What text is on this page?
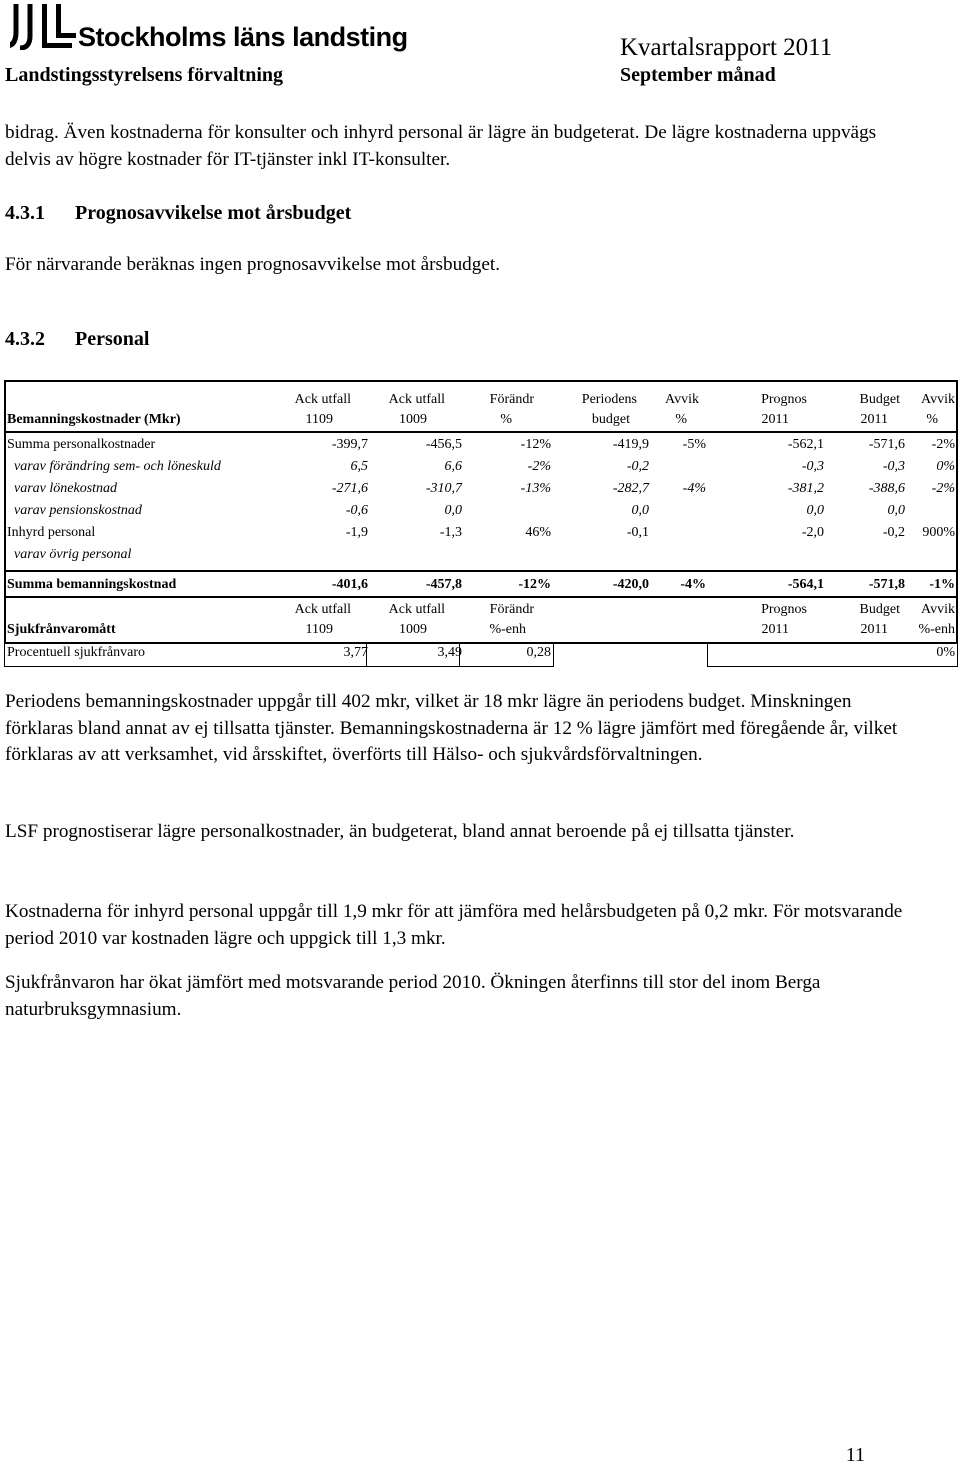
Stockholms läns landsting
Landstingsstyrelsens förvaltning
Kvartalsrapport 2011
September månad

bidrag. Även kostnaderna för konsulter och inhyrd personal är lägre än budgeterat. De lägre kostnaderna uppvägs delvis av högre kostnader för IT-tjänster inkl IT-konsulter.

4.3.1 Prognosavvikelse mot årsbudget

För närvarande beräknas ingen prognosavvikelse mot årsbudget.

4.3.2 Personal
	Ack utfall	Ack utfall	Förändr	Periodens	Avvik	Prognos	Budget	Avvik
Bemanningskostnader (Mkr)	1109	1009	%	budget	%	2011	2011	%

Summa personalkostnader	-399,7	-456,5	-12%	-419,9	-5%	-562,1	-571,6	-2%
varav förändring sem- och löneskuld	6,5	6,6	-2%	-0,2		-0,3	-0,3	0%
varav lönekostnad	-271,6	-310,7	-13%	-282,7	-4%	-381,2	-388,6	-2%
varav pensionskostnad	-0,6	0,0		0,0		0,0	0,0	
Inhyrd personal	-1,9	-1,3	46%	-0,1		-2,0	-0,2	900%
varav övrig personal								

Summa bemanningskostnad	-401,6	-457,8	-12%	-420,0	-4%	-564,1	-571,8	-1%
	Ack utfall	Ack utfall	Förändr			Prognos	Budget	Avvik
Sjukfrånvaromått	1109	1009	%-enh			2011	2011	%-enh

Procentuell sjukfrånvaro	3,77	3,49	0,28					0%

Periodens bemanningskostnader uppgår till 402 mkr, vilket är 18 mkr lägre än periodens budget. Minskningen förklaras bland annat av ej tillsatta tjänster. Bemanningskostnaderna är 12 % lägre jämfört med föregående år, vilket förklaras av att verksamhet, vid årsskiftet, överförts till Hälso- och sjukvårdsförvaltningen.

LSF prognostiserar lägre personalkostnader, än budgeterat, bland annat beroende på ej tillsatta tjänster.

Kostnaderna för inhyrd personal uppgår till 1,9 mkr för att jämföra med helårsbudgeten på 0,2 mkr. För motsvarande period 2010 var kostnaden lägre och uppgick till 1,3 mkr.

Sjukfrånvaron har ökat jämfört med motsvarande period 2010. Ökningen återfinns till stor del inom Berga naturbruksgymnasium.

11
